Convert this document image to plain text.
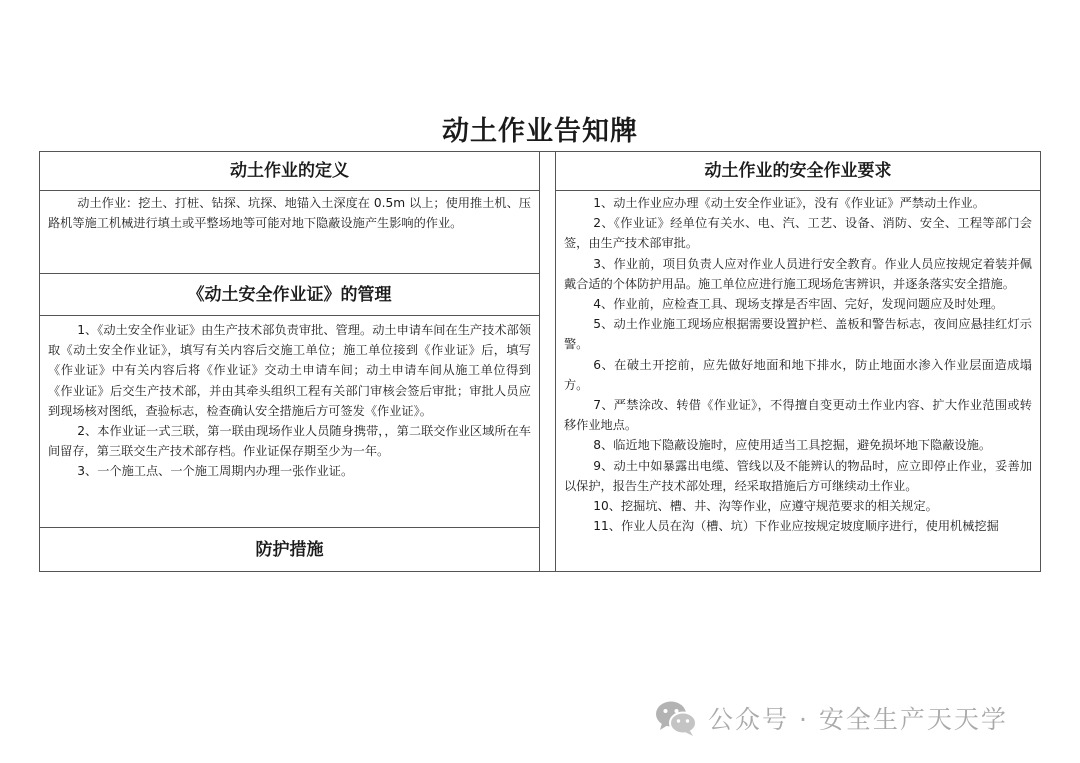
动土作业告知牌
动土作业的定义

动土作业：挖土、打桩、钻探、坑探、地锚入土深度在 0.5m 以上；使用推土机、压路机等施工机械进行填土或平整场地等可能对地下隐蔽设施产生影响的作业。

《动土安全作业证》的管理

1、《动土安全作业证》由生产技术部负责审批、管理。动土申请车间在生产技术部领取《动土安全作业证》，填写有关内容后交施工单位；施工单位接到《作业证》后，填写《作业证》中有关内容后将《作业证》交动土申请车间；动土申请车间从施工单位得到《作业证》后交生产技术部，并由其牵头组织工程有关部门审核会签后审批；审批人员应到现场核对图纸，查验标志，检查确认安全措施后方可签发《作业证》。

2、本作业证一式三联，第一联由现场作业人员随身携带，，第二联交作业区域所在车间留存，第三联交生产技术部存档。作业证保存期至少为一年。

3、一个施工点、一个施工周期内办理一张作业证。

防护措施
动土作业的安全作业要求

1、动土作业应办理《动土安全作业证》，没有《作业证》严禁动土作业。

2、《作业证》经单位有关水、电、汽、工艺、设备、消防、安全、工程等部门会签，由生产技术部审批。

3、作业前，项目负责人应对作业人员进行安全教育。作业人员应按规定着装并佩戴合适的个体防护用品。施工单位应进行施工现场危害辨识，并逐条落实安全措施。

4、作业前，应检查工具、现场支撑是否牢固、完好，发现问题应及时处理。

5、动土作业施工现场应根据需要设置护栏、盖板和警告标志，夜间应悬挂红灯示警。

6、在破土开挖前，应先做好地面和地下排水，防止地面水渗入作业层面造成塌方。

7、严禁涂改、转借《作业证》，不得擅自变更动土作业内容、扩大作业范围或转移作业地点。

8、临近地下隐蔽设施时，应使用适当工具挖掘，避免损坏地下隐蔽设施。

9、动土中如暴露出电缆、管线以及不能辨认的物品时，应立即停止作业，妥善加以保护，报告生产技术部处理，经采取措施后方可继续动土作业。

10、挖掘坑、槽、井、沟等作业，应遵守规范要求的相关规定。

11、作业人员在沟（槽、坑）下作业应按规定坡度顺序进行，使用机械挖掘

公众号 · 安全生产天天学
